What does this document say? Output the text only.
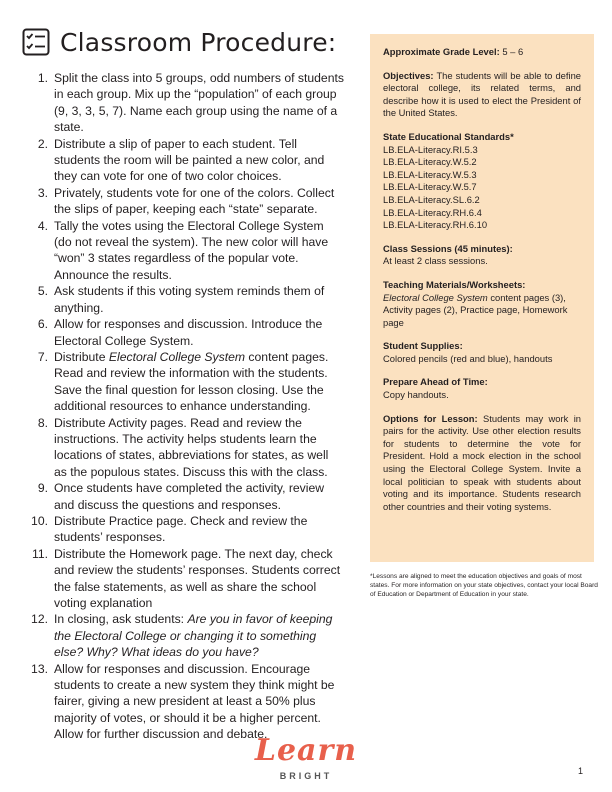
Classroom Procedure:
1. Split the class into 5 groups, odd numbers of students in each group. Mix up the “population” of each group (9, 3, 3, 5, 7). Name each group using the name of a state.
2. Distribute a slip of paper to each student. Tell students the room will be painted a new color, and they can vote for one of two color choices.
3. Privately, students vote for one of the colors. Collect the slips of paper, keeping each “state” separate.
4. Tally the votes using the Electoral College System (do not reveal the system). The new color will have “won” 3 states regardless of the popular vote. Announce the results.
5. Ask students if this voting system reminds them of anything.
6. Allow for responses and discussion. Introduce the Electoral College System.
7. Distribute Electoral College System content pages. Read and review the information with the students. Save the final question for lesson closing. Use the additional resources to enhance understanding.
8. Distribute Activity pages. Read and review the instructions. The activity helps students learn the locations of states, abbreviations for states, as well as the populous states. Discuss this with the class.
9. Once students have completed the activity, review and discuss the questions and responses.
10. Distribute Practice page. Check and review the students’ responses.
11. Distribute the Homework page. The next day, check and review the students’ responses. Students correct the false statements, as well as share the school voting explanation
12. In closing, ask students: Are you in favor of keeping the Electoral College or changing it to something else? Why? What ideas do you have?
13. Allow for responses and discussion. Encourage students to create a new system they think might be fairer, giving a new president at least a 50% plus majority of votes, or should it be a higher percent. Allow for further discussion and debate.
Approximate Grade Level: 5 – 6
Objectives: The students will be able to define electoral college, its related terms, and describe how it is used to elect the President of the United States.
State Educational Standards*
LB.ELA-Literacy.RI.5.3
LB.ELA-Literacy.W.5.2
LB.ELA-Literacy.W.5.3
LB.ELA-Literacy.W.5.7
LB.ELA-Literacy.SL.6.2
LB.ELA-Literacy.RH.6.4
LB.ELA-Literacy.RH.6.10
Class Sessions (45 minutes):
At least 2 class sessions.
Teaching Materials/Worksheets:
Electoral College System content pages (3), Activity pages (2), Practice page, Homework page
Student Supplies:
Colored pencils (red and blue), handouts
Prepare Ahead of Time:
Copy handouts.
Options for Lesson: Students may work in pairs for the activity. Use other election results for students to determine the vote for President. Hold a mock election in the school using the Electoral College System. Invite a local politician to speak with students about voting and its importance. Students research other countries and their voting systems.
*Lessons are aligned to meet the education objectives and goals of most states. For more information on your state objectives, contact your local Board of Education or Department of Education in your state.
Learn
BRIGHT	1
